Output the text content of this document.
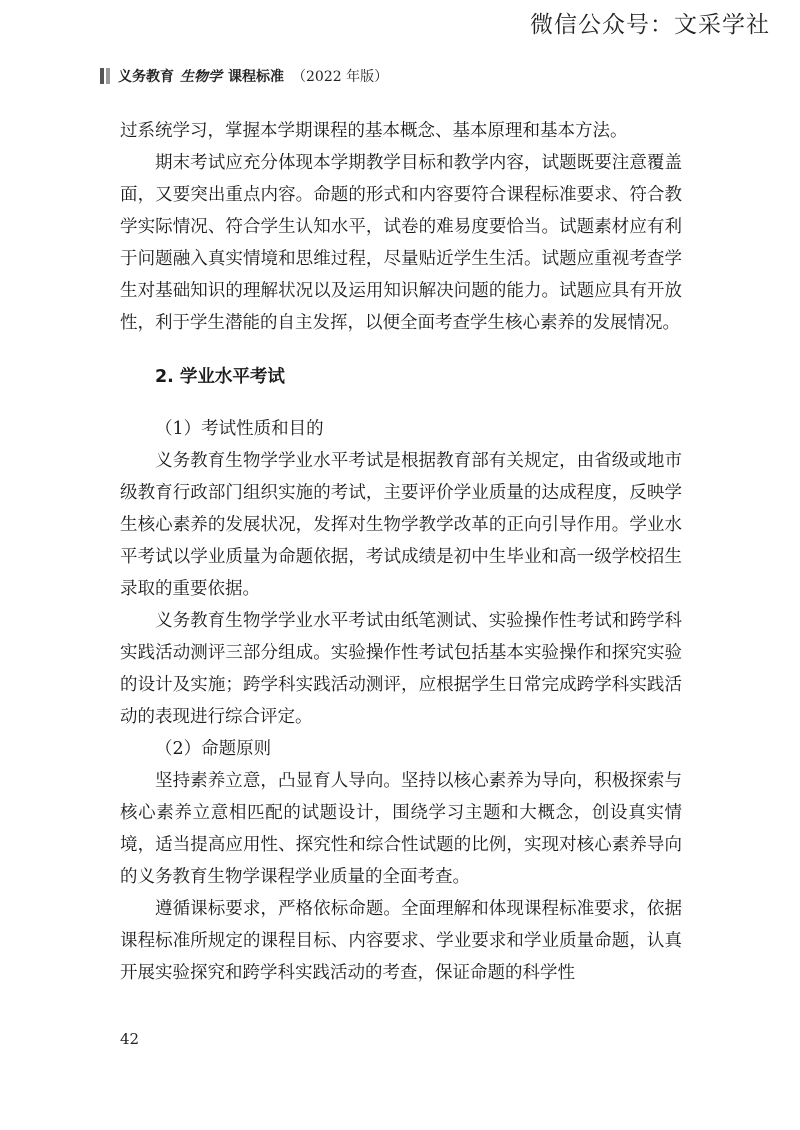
微信公众号：文采学社
义务教育 生物学 课程标准 （2022 年版）

过系统学习，掌握本学期课程的基本概念、基本原理和基本方法。

期末考试应充分体现本学期教学目标和教学内容，试题既要注意覆盖面，又要突出重点内容。命题的形式和内容要符合课程标准要求、符合教学实际情况、符合学生认知水平，试卷的难易度要恰当。试题素材应有利于问题融入真实情境和思维过程，尽量贴近学生生活。试题应重视考查学生对基础知识的理解状况以及运用知识解决问题的能力。试题应具有开放性，利于学生潜能的自主发挥，以便全面考查学生核心素养的发展情况。

2. 学业水平考试

（1）考试性质和目的

义务教育生物学学业水平考试是根据教育部有关规定，由省级或地市级教育行政部门组织实施的考试，主要评价学业质量的达成程度，反映学生核心素养的发展状况，发挥对生物学教学改革的正向引导作用。学业水平考试以学业质量为命题依据，考试成绩是初中生毕业和高一级学校招生录取的重要依据。

义务教育生物学学业水平考试由纸笔测试、实验操作性考试和跨学科实践活动测评三部分组成。实验操作性考试包括基本实验操作和探究实验的设计及实施；跨学科实践活动测评，应根据学生日常完成跨学科实践活动的表现进行综合评定。

（2）命题原则

坚持素养立意，凸显育人导向。坚持以核心素养为导向，积极探索与核心素养立意相匹配的试题设计，围绕学习主题和大概念，创设真实情境，适当提高应用性、探究性和综合性试题的比例，实现对核心素养导向的义务教育生物学课程学业质量的全面考查。

遵循课标要求，严格依标命题。全面理解和体现课程标准要求，依据课程标准所规定的课程目标、内容要求、学业要求和学业质量命题，认真开展实验探究和跨学科实践活动的考查，保证命题的科学性

42
